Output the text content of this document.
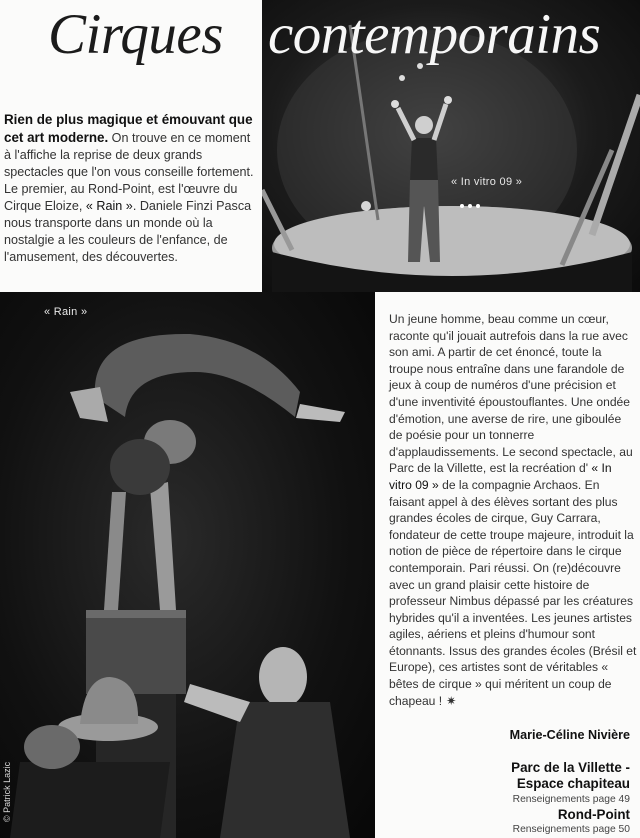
Cirques contemporains
« In vitro 09 »
Rien de plus magique et émouvant que cet art moderne. On trouve en ce moment à l'affiche la reprise de deux grands spectacles que l'on vous conseille fortement. Le premier, au Rond-Point, est l'œuvre du Cirque Eloize, « Rain ». Daniele Finzi Pasca nous transporte dans un monde où la nostalgie a les couleurs de l'enfance, de l'amusement, des découvertes.
« Rain »
© Patrick Lazic
Un jeune homme, beau comme un cœur, raconte qu'il jouait autrefois dans la rue avec son ami. A partir de cet énoncé, toute la troupe nous entraîne dans une farandole de jeux à coup de numéros d'une précision et d'une inventivité époustouflantes. Une ondée d'émotion, une averse de rire, une giboulée de poésie pour un tonnerre d'applaudissements. Le second spectacle, au Parc de la Villette, est la recréation d' « In vitro 09 » de la compagnie Archaos. En faisant appel à des élèves sortant des plus grandes écoles de cirque, Guy Carrara, fondateur de cette troupe majeure, introduit la notion de pièce de répertoire dans le cirque contemporain. Pari réussi. On (re)découvre avec un grand plaisir cette histoire de professeur Nimbus dépassé par les créatures hybrides qu'il a inventées. Les jeunes artistes agiles, aériens et pleins d'humour sont étonnants. Issus des grandes écoles (Brésil et Europe), ces artistes sont de véritables « bêtes de cirque » qui méritent un coup de chapeau ! ✷
Marie-Céline Nivière
Parc de la Villette -
Espace chapiteau
Renseignements page 49
Rond-Point
Renseignements page 50
